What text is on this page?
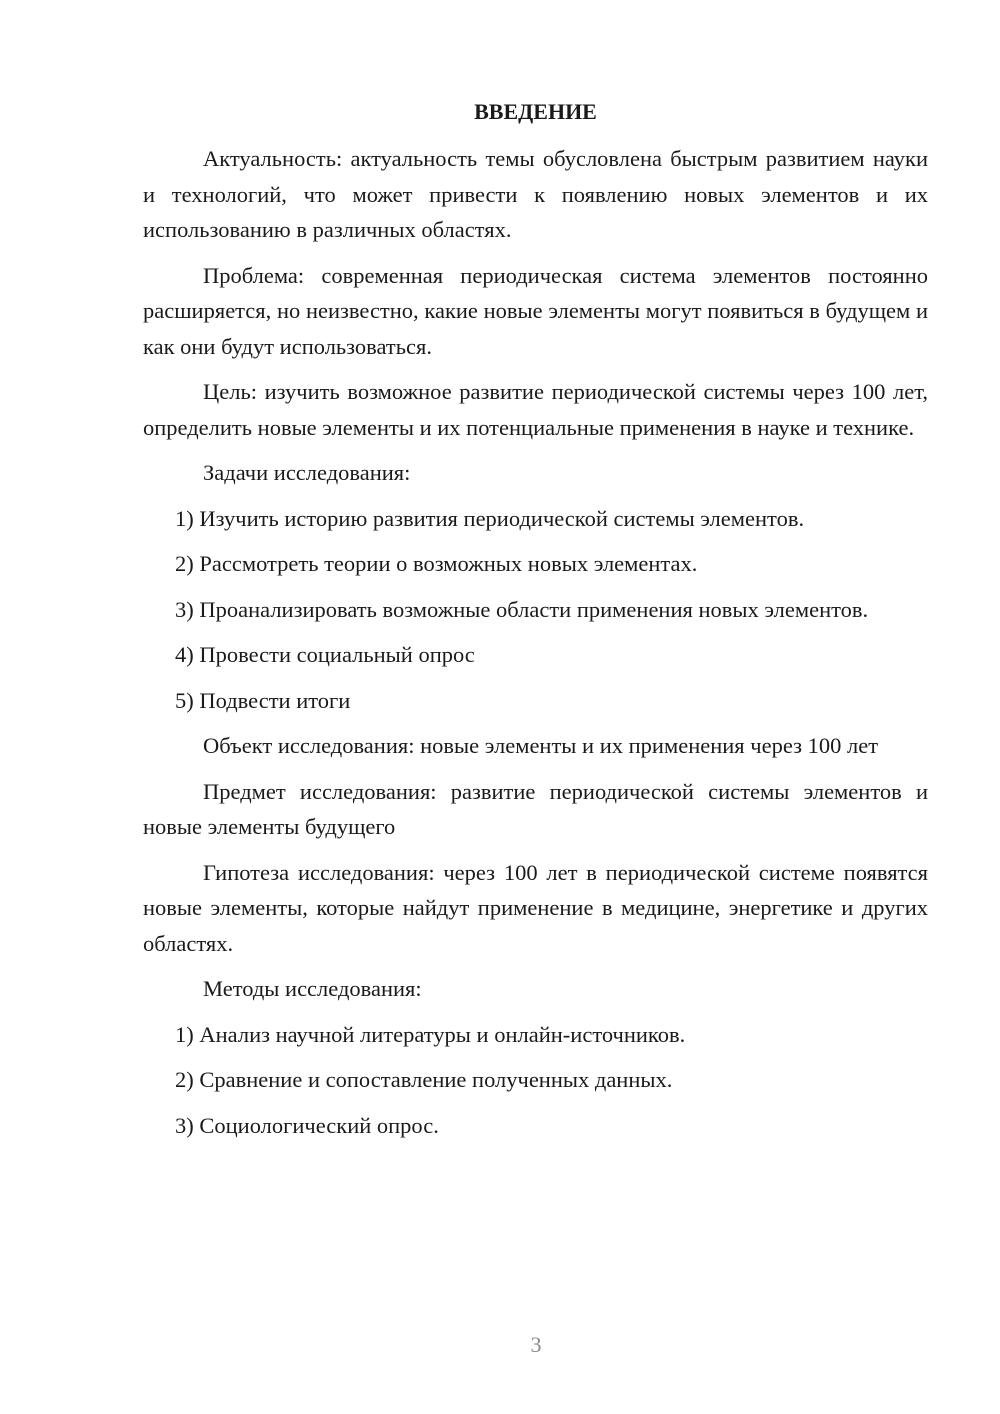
ВВЕДЕНИЕ

Актуальность: актуальность темы обусловлена быстрым развитием науки и технологий, что может привести к появлению новых элементов и их использованию в различных областях.

Проблема: современная периодическая система элементов постоянно расширяется, но неизвестно, какие новые элементы могут появиться в будущем и как они будут использоваться.

Цель: изучить возможное развитие периодической системы через 100 лет, определить новые элементы и их потенциальные применения в науке и технике.

Задачи исследования:

1) Изучить историю развития периодической системы элементов.

2) Рассмотреть теории о возможных новых элементах.

3) Проанализировать возможные области применения новых элементов.

4) Провести социальный опрос

5) Подвести итоги

Объект исследования: новые элементы и их применения через 100 лет

Предмет исследования: развитие периодической системы элементов и новые элементы будущего

Гипотеза исследования: через 100 лет в периодической системе появятся новые элементы, которые найдут применение в медицине, энергетике и других областях.

Методы исследования:

1) Анализ научной литературы и онлайн-источников.

2) Сравнение и сопоставление полученных данных.

3) Социологический опрос.

3
